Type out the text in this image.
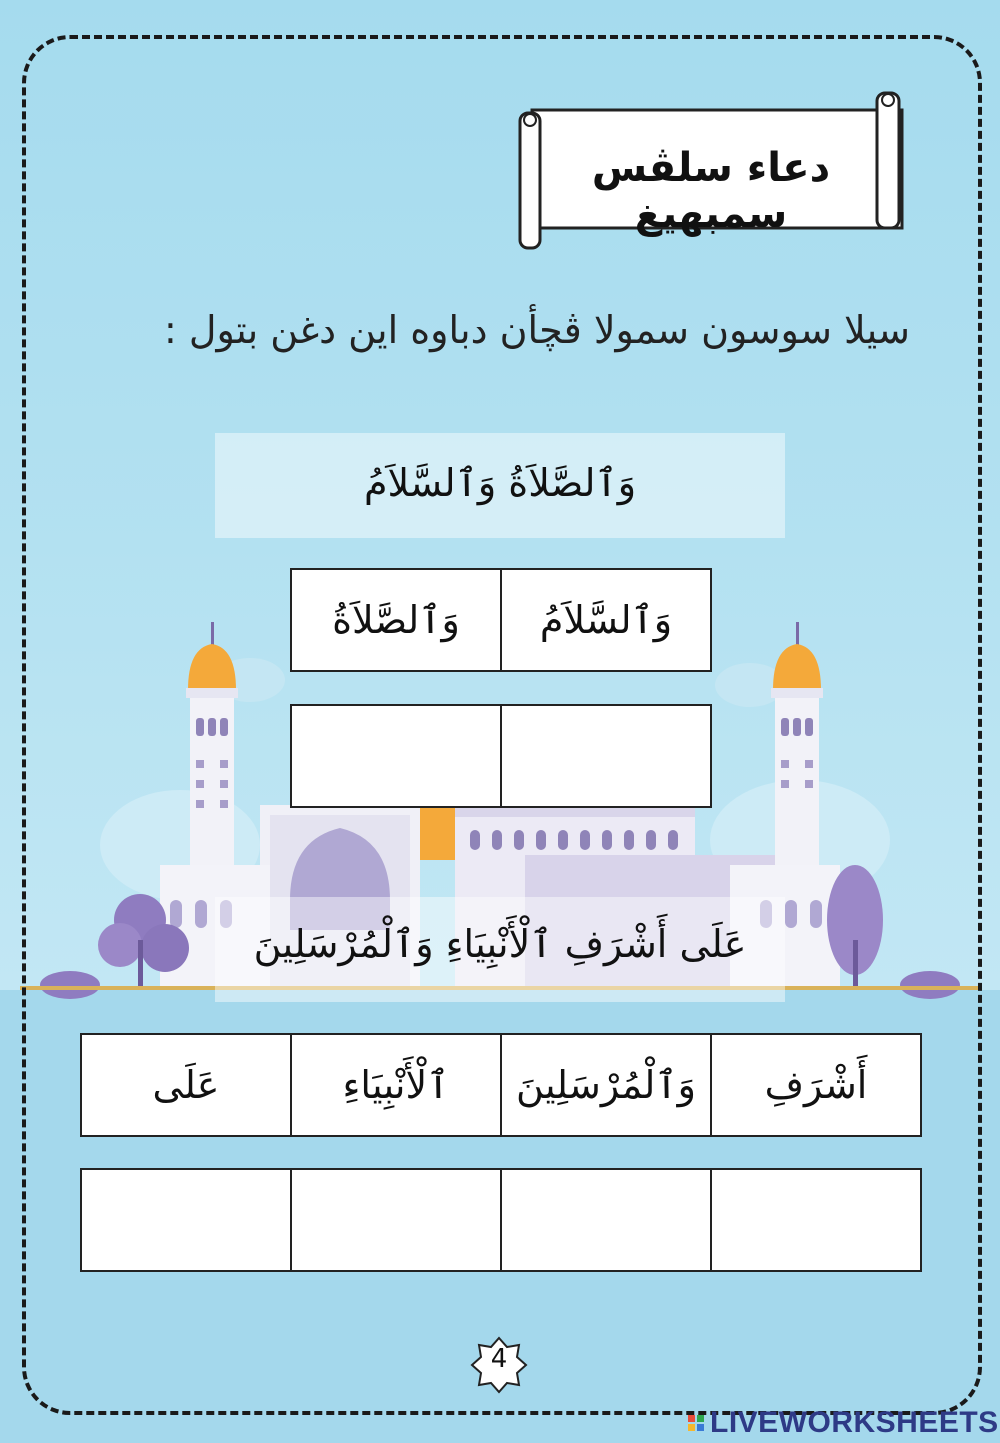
دعاء سلڤس سمبهيغ
سيلا سوسون سمولا ڤچأن دباوه اين دغن بتول :
وَٱلصَّلاَةُ وَٱلسَّلاَمُ
وَٱلسَّلاَمُ	وَٱلصَّلاَةُ

عَلَى أَشْرَفِ ٱلْأَنْبِيَاءِ وَٱلْمُرْسَلِينَ
أَشْرَفِ	وَٱلْمُرْسَلِينَ	ٱلْأَنْبِيَاءِ	عَلَى

4
LIVEWORKSHEETS
